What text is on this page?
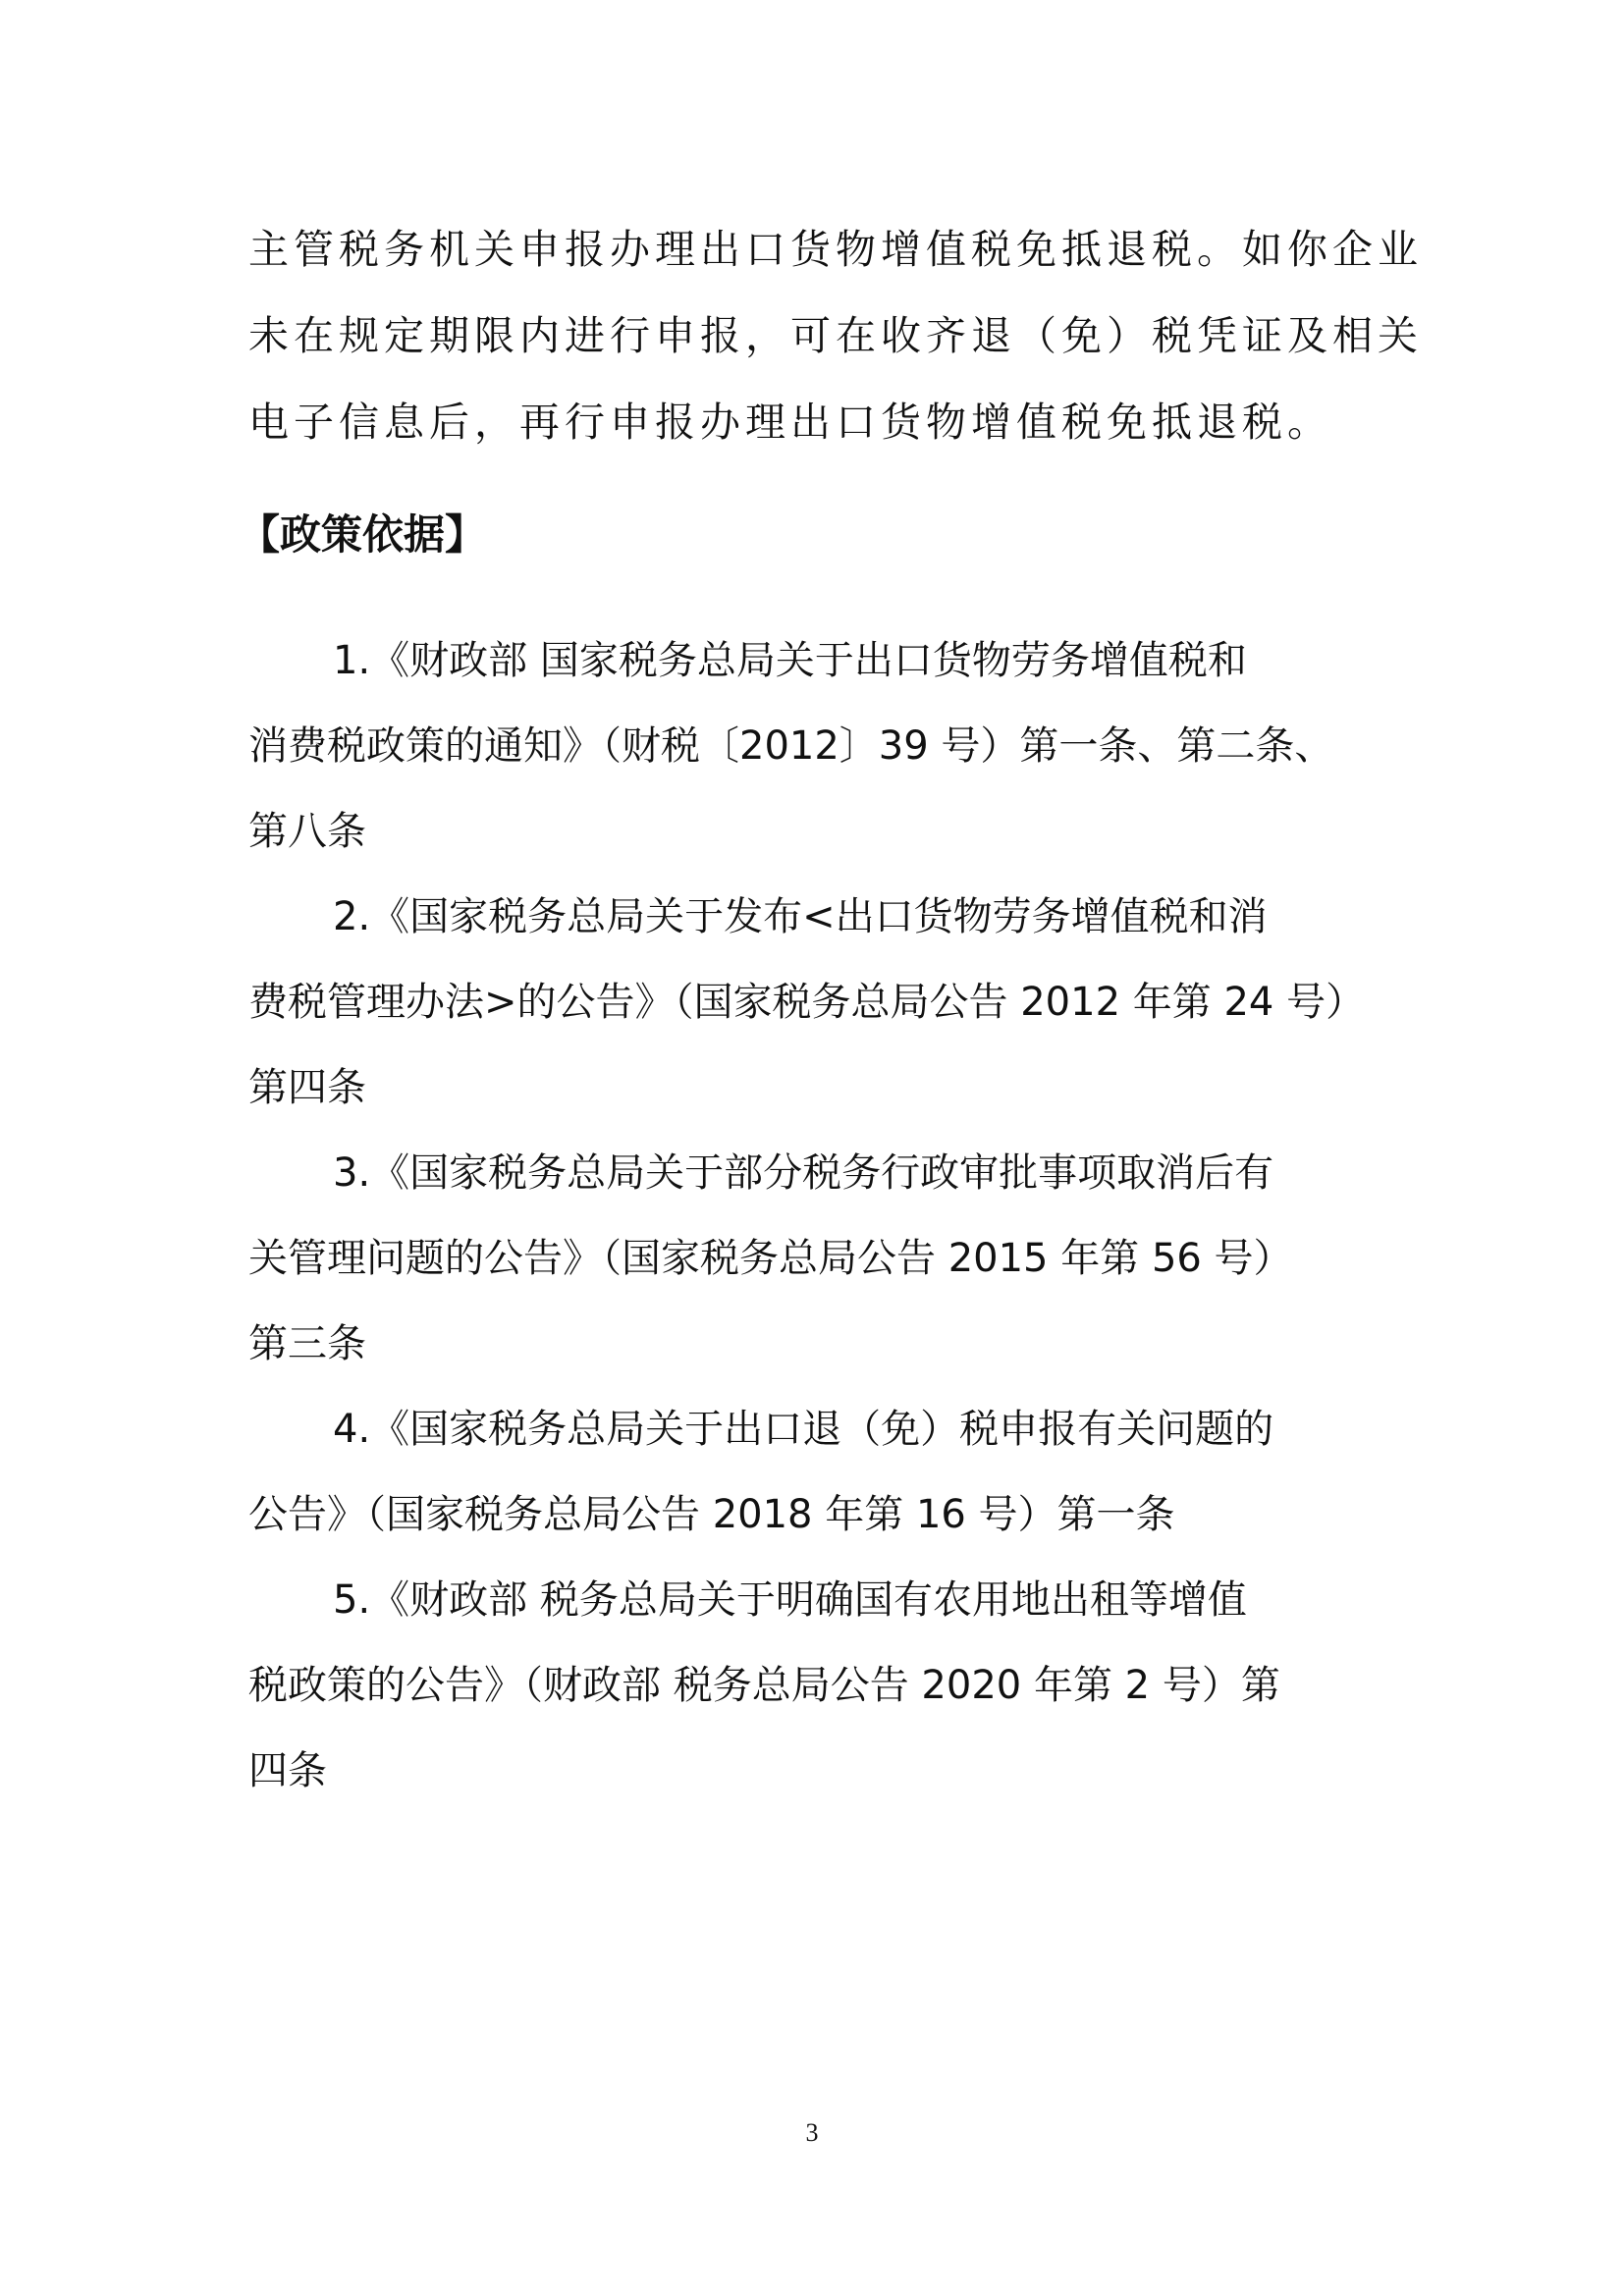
主管税务机关申报办理出口货物增值税免抵退税。如你企业
未在规定期限内进行申报，可在收齐退（免）税凭证及相关
电子信息后，再行申报办理出口货物增值税免抵退税。

【政策依据】
1.《财政部 国家税务总局关于出口货物劳务增值税和
消费税政策的通知》（财税〔2012〕39 号）第一条、第二条、
第八条
2.《国家税务总局关于发布<出口货物劳务增值税和消
费税管理办法>的公告》（国家税务总局公告 2012 年第 24 号）
第四条
3.《国家税务总局关于部分税务行政审批事项取消后有
关管理问题的公告》（国家税务总局公告 2015 年第 56 号）
第三条
4.《国家税务总局关于出口退（免）税申报有关问题的
公告》（国家税务总局公告 2018 年第 16 号）第一条
5.《财政部 税务总局关于明确国有农用地出租等增值
税政策的公告》（财政部 税务总局公告 2020 年第 2 号）第
四条
3
